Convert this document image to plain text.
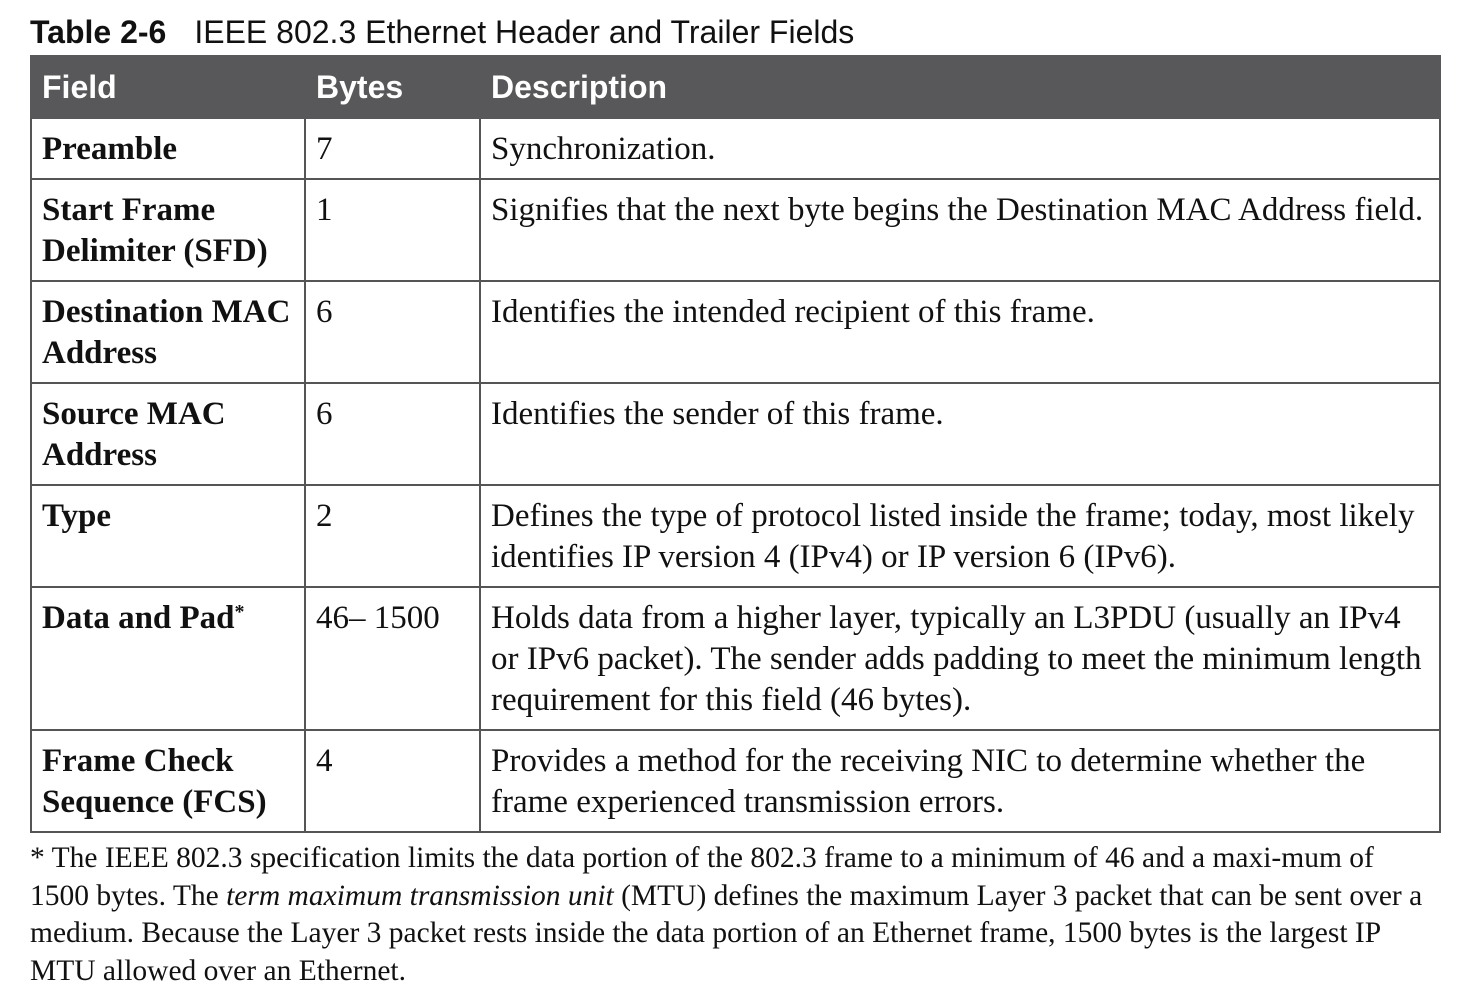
Table 2-6 IEEE 802.3 Ethernet Header and Trailer Fields
Field	Bytes	Description
Preamble	7	Synchronization.
Start Frame Delimiter (SFD)	1	Signifies that the next byte begins the Destination MAC Address field.
Destination MAC Address	6	Identifies the intended recipient of this frame.
Source MAC Address	6	Identifies the sender of this frame.
Type	2	Defines the type of protocol listed inside the frame; today, most likely identifies IP version 4 (IPv4) or IP version 6 (IPv6).
Data and Pad*	46– 1500	Holds data from a higher layer, typically an L3PDU (usually an IPv4 or IPv6 packet). The sender adds padding to meet the minimum length requirement for this field (46 bytes).
Frame Check Sequence (FCS)	4	Provides a method for the receiving NIC to determine whether the frame experienced transmission errors.
* The IEEE 802.3 specification limits the data portion of the 802.3 frame to a minimum of 46 and a maxi-mum of 1500 bytes. The term maximum transmission unit (MTU) defines the maximum Layer 3 packet that can be sent over a medium. Because the Layer 3 packet rests inside the data portion of an Ethernet frame, 1500 bytes is the largest IP MTU allowed over an Ethernet.
